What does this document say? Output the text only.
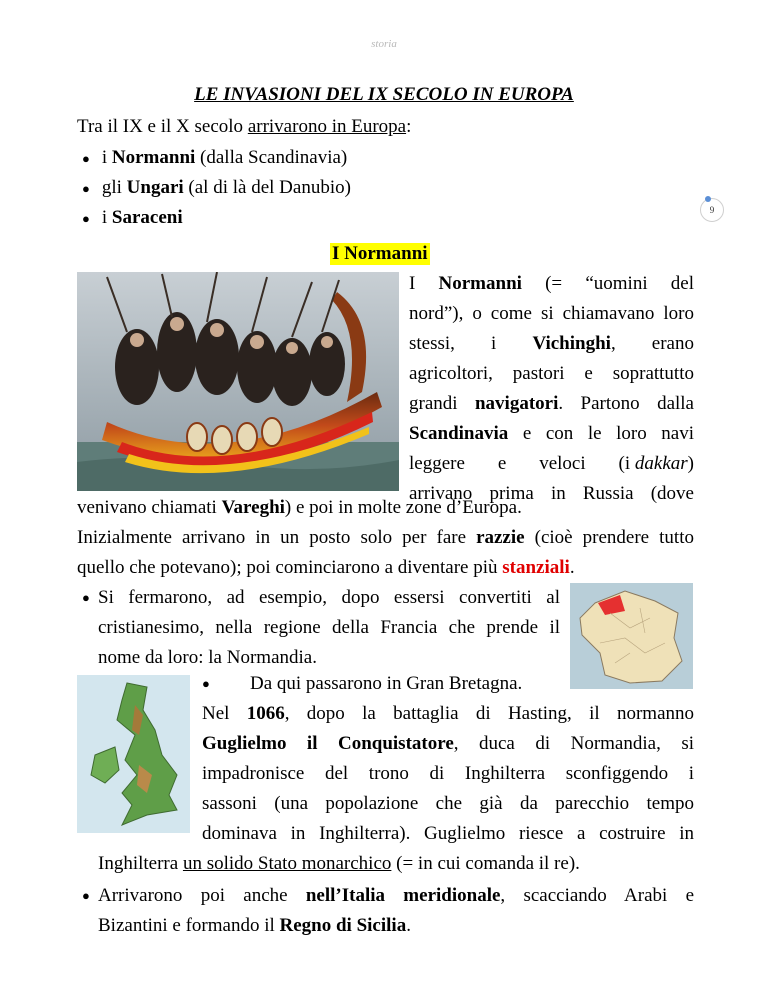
storia
9
LE INVASIONI DEL IX SECOLO IN EUROPA
Tra il IX e il X secolo arrivarono in Europa:
● i Normanni (dalla Scandinavia)
● gli Ungari (al di là del Danubio)
● i Saraceni
I Normanni
I Normanni (= “uomini del
nord”), o come si chiamavano loro
stessi, i Vichinghi, erano
agricoltori, pastori e soprattutto
grandi navigatori. Partono dalla
Scandinavia e con le loro navi
leggere e veloci (i dakkar)
arrivano prima in Russia (dove
venivano chiamati Vareghi) e poi in molte zone d’Europa.
Inizialmente arrivano in un posto solo per fare razzie (cioè prendere tutto
quello che potevano); poi cominciarono a diventare più stanziali.
● Si fermarono, ad esempio, dopo essersi convertiti al
cristianesimo, nella regione della Francia che prende il
nome da loro: la Normandia.
● Da qui passarono in Gran Bretagna.
Nel 1066, dopo la battaglia di Hasting, il normanno
Guglielmo il Conquistatore, duca di Normandia, si
impadronisce del trono di Inghilterra sconfiggendo i
sassoni (una popolazione che già da parecchio tempo
dominava in Inghilterra). Guglielmo riesce a costruire in
Inghilterra un solido Stato monarchico (= in cui comanda il re).
● Arrivarono poi anche nell’Italia meridionale, scacciando Arabi e
Bizantini e formando il Regno di Sicilia.
